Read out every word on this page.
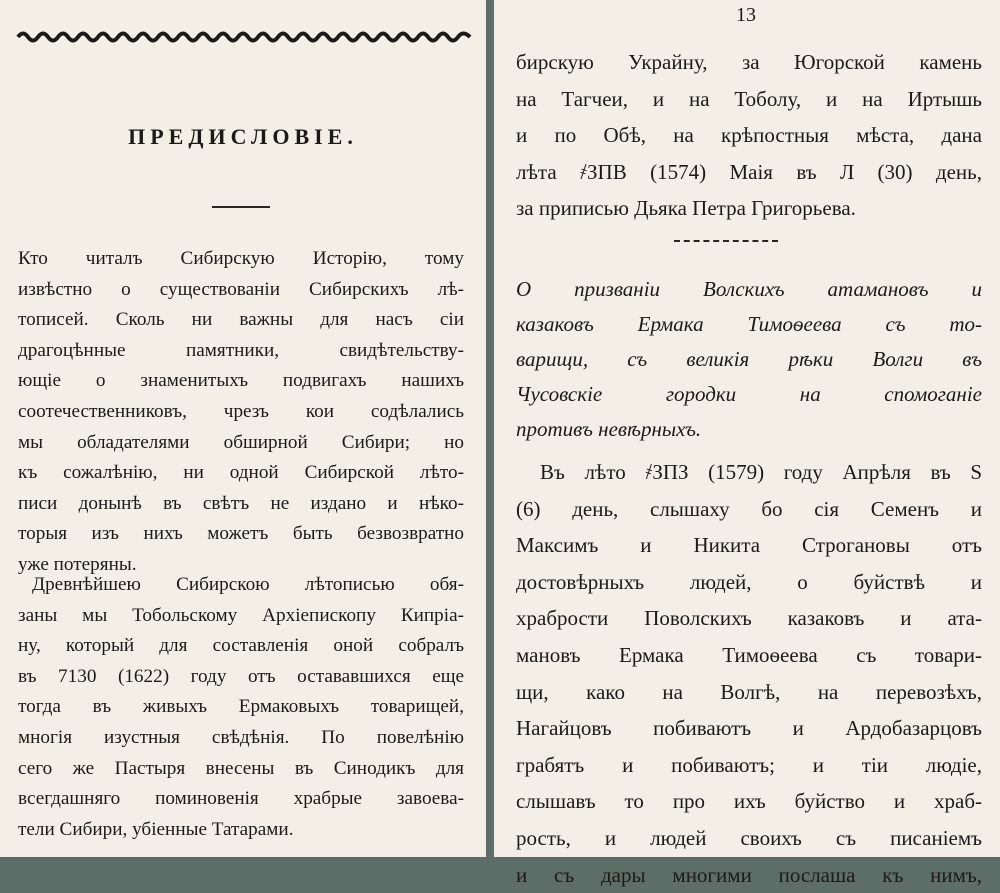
ПРЕДИСЛОВІЕ.
Кто читалъ Сибирскую Исторію, тому
извѣстно о существованіи Сибирскихъ лѣ-
тописей. Сколь ни важны для насъ сіи
драгоцѣнные памятники, свидѣтельству-
ющіе о знаменитыхъ подвигахъ нашихъ
соотечественниковъ, чрезъ кои содѣлались
мы обладателями обширной Сибири; но
къ сожалѣнію, ни одной Сибирской лѣто-
писи донынѣ въ свѣтъ не издано и нѣко-
торыя изъ нихъ можетъ быть безвозвратно
уже потеряны.
Древнѣйшею Сибирскою лѣтописью обя-
заны мы Тобольскому Архіепископу Кипріа-
ну, который для составленія оной собралъ
въ 7130 (1622) году отъ остававшихся еще
тогда въ живыхъ Ермаковыхъ товарищей,
многія изустныя свѣдѣнія. По повелѣнію
сего же Пастыря внесены въ Синодикъ для
всегдашняго поминовенія храбрые завоева-
тели Сибири, убіенные Татарами.
13
бирскую Украйну, за Югорской камень
на Тагчеи, и на Тоболу, и на Иртышь
и по Обѣ, на крѣпостныя мѣста, дана
лѣта ҂ЗПВ (1574) Маія въ Л (30) день,
за приписью Дьяка Петра Григорьева.
О призваніи Волскихъ атамановъ и
казаковъ Ермака Тимоѳеева съ то-
варищи, съ великія рѣки Волги въ
Чусовскіе городки на спомоганіе
противъ невѣрныхъ.
Въ лѣто ҂ЗПЗ (1579) году Апрѣля въ S
(6) день, слышаху бо сія Семенъ и
Максимъ и Никита Строгановы отъ
достовѣрныхъ людей, о буйствѣ и
храбрости Поволскихъ казаковъ и ата-
мановъ Ермака Тимоѳеева съ товари-
щи, како на Волгѣ, на перевозѣхъ,
Нагайцовъ побиваютъ и Ардобазарцовъ
грабятъ и побиваютъ; и тіи людіе,
слышавъ то про ихъ буйство и храб-
рость, и людей своихъ съ писаніемъ
и съ дары многими послаша къ нимъ,
